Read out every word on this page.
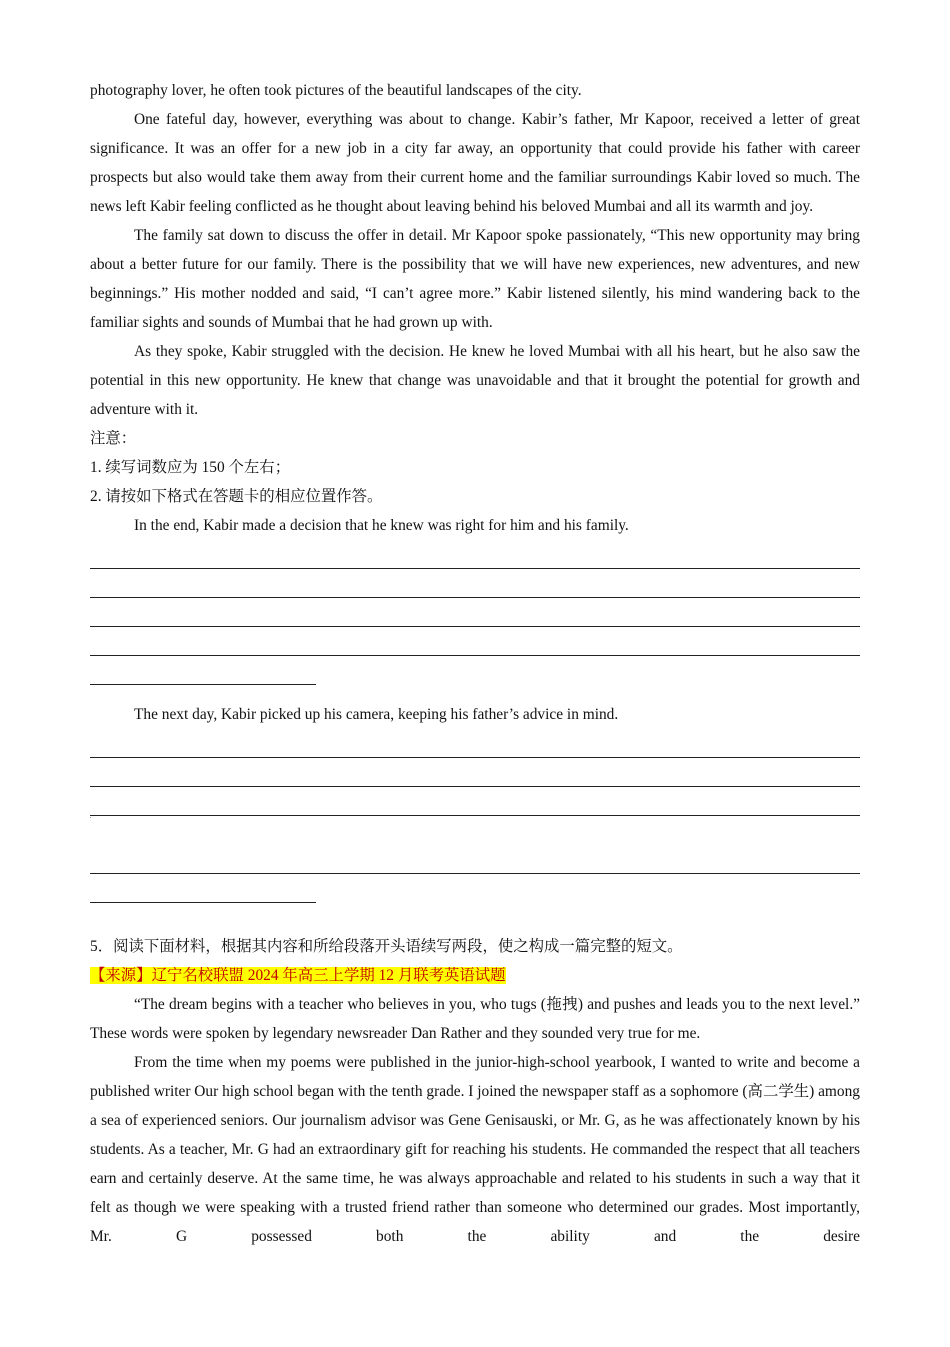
photography lover, he often took pictures of the beautiful landscapes of the city.

One fateful day, however, everything was about to change. Kabir’s father, Mr Kapoor, received a letter of great significance. It was an offer for a new job in a city far away, an opportunity that could provide his father with career prospects but also would take them away from their current home and the familiar surroundings Kabir loved so much. The news left Kabir feeling conflicted as he thought about leaving behind his beloved Mumbai and all its warmth and joy.

The family sat down to discuss the offer in detail. Mr Kapoor spoke passionately, “This new opportunity may bring about a better future for our family. There is the possibility that we will have new experiences, new adventures, and new beginnings.” His mother nodded and said, “I can’t agree more.” Kabir listened silently, his mind wandering back to the familiar sights and sounds of Mumbai that he had grown up with.

As they spoke, Kabir struggled with the decision. He knew he loved Mumbai with all his heart, but he also saw the potential in this new opportunity. He knew that change was unavoidable and that it brought the potential for growth and adventure with it.

注意：

1. 续写词数应为 150 个左右；

2. 请按如下格式在答题卡的相应位置作答。

In the end, Kabir made a decision that he knew was right for him and his family.

The next day, Kabir picked up his camera, keeping his father’s advice in mind.

5．阅读下面材料，根据其内容和所给段落开头语续写两段，使之构成一篇完整的短文。

【来源】辽宁名校联盟 2024 年高三上学期 12 月联考英语试题

“The dream begins with a teacher who believes in you, who tugs (拖拽) and pushes and leads you to the next level.” These words were spoken by legendary newsreader Dan Rather and they sounded very true for me.

From the time when my poems were published in the junior-high-school yearbook, I wanted to write and become a published writer Our high school began with the tenth grade. I joined the newspaper staff as a sophomore (高二学生) among a sea of experienced seniors. Our journalism advisor was Gene Genisauski, or Mr. G, as he was affectionately known by his students. As a teacher, Mr. G had an extraordinary gift for reaching his students. He commanded the respect that all teachers earn and certainly deserve. At the same time, he was always approachable and related to his students in such a way that it felt as though we were speaking with a trusted friend rather than someone who determined our grades. Most importantly, Mr. G possessed both the ability and the desire
